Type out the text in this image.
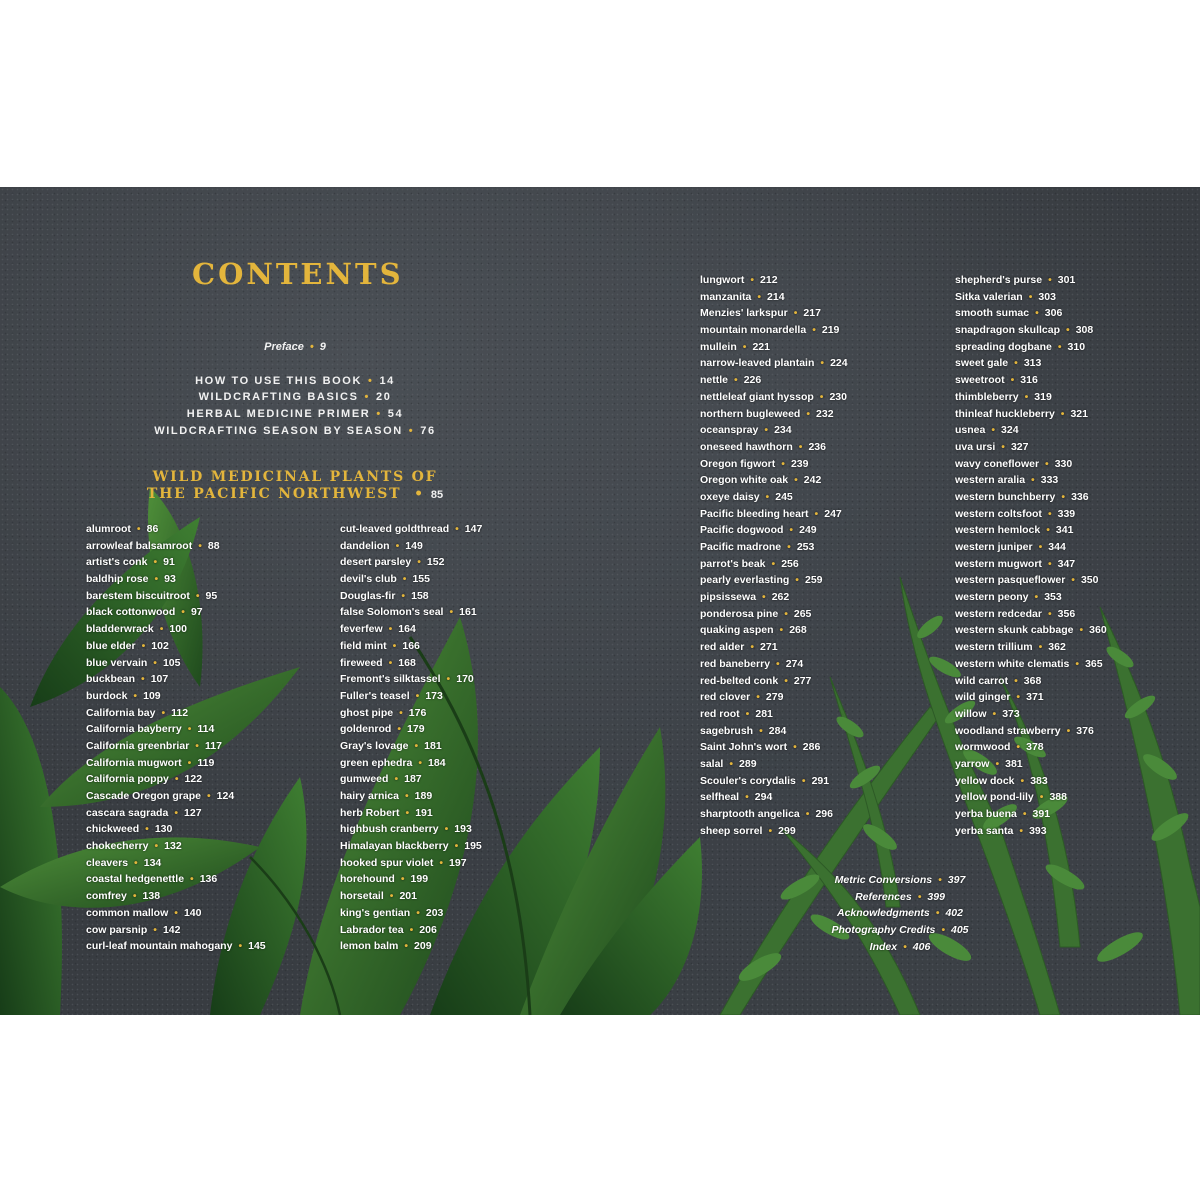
CONTENTS
Preface • 9
HOW TO USE THIS BOOK • 14
WILDCRAFTING BASICS • 20
HERBAL MEDICINE PRIMER • 54
WILDCRAFTING SEASON BY SEASON • 76
WILD MEDICINAL PLANTS OF
THE PACIFIC NORTHWEST • 85
alumroot • 86
arrowleaf balsamroot • 88
artist's conk • 91
baldhip rose • 93
barestem biscuitroot • 95
black cottonwood • 97
bladderwrack • 100
blue elder • 102
blue vervain • 105
buckbean • 107
burdock • 109
California bay • 112
California bayberry • 114
California greenbriar • 117
California mugwort • 119
California poppy • 122
Cascade Oregon grape • 124
cascara sagrada • 127
chickweed • 130
chokecherry • 132
cleavers • 134
coastal hedgenettle • 136
comfrey • 138
common mallow • 140
cow parsnip • 142
curl-leaf mountain mahogany • 145
cut-leaved goldthread • 147
dandelion • 149
desert parsley • 152
devil's club • 155
Douglas-fir • 158
false Solomon's seal • 161
feverfew • 164
field mint • 166
fireweed • 168
Fremont's silktassel • 170
Fuller's teasel • 173
ghost pipe • 176
goldenrod • 179
Gray's lovage • 181
green ephedra • 184
gumweed • 187
hairy arnica • 189
herb Robert • 191
highbush cranberry • 193
Himalayan blackberry • 195
hooked spur violet • 197
horehound • 199
horsetail • 201
king's gentian • 203
Labrador tea • 206
lemon balm • 209
lungwort • 212
manzanita • 214
Menzies' larkspur • 217
mountain monardella • 219
mullein • 221
narrow-leaved plantain • 224
nettle • 226
nettleleaf giant hyssop • 230
northern bugleweed • 232
oceanspray • 234
oneseed hawthorn • 236
Oregon figwort • 239
Oregon white oak • 242
oxeye daisy • 245
Pacific bleeding heart • 247
Pacific dogwood • 249
Pacific madrone • 253
parrot's beak • 256
pearly everlasting • 259
pipsissewa • 262
ponderosa pine • 265
quaking aspen • 268
red alder • 271
red baneberry • 274
red-belted conk • 277
red clover • 279
red root • 281
sagebrush • 284
Saint John's wort • 286
salal • 289
Scouler's corydalis • 291
selfheal • 294
sharptooth angelica • 296
sheep sorrel • 299
shepherd's purse • 301
Sitka valerian • 303
smooth sumac • 306
snapdragon skullcap • 308
spreading dogbane • 310
sweet gale • 313
sweetroot • 316
thimbleberry • 319
thinleaf huckleberry • 321
usnea • 324
uva ursi • 327
wavy coneflower • 330
western aralia • 333
western bunchberry • 336
western coltsfoot • 339
western hemlock • 341
western juniper • 344
western mugwort • 347
western pasqueflower • 350
western peony • 353
western redcedar • 356
western skunk cabbage • 360
western trillium • 362
western white clematis • 365
wild carrot • 368
wild ginger • 371
willow • 373
woodland strawberry • 376
wormwood • 378
yarrow • 381
yellow dock • 383
yellow pond-lily • 388
yerba buena • 391
yerba santa • 393
Metric Conversions • 397
References • 399
Acknowledgments • 402
Photography Credits • 405
Index • 406
